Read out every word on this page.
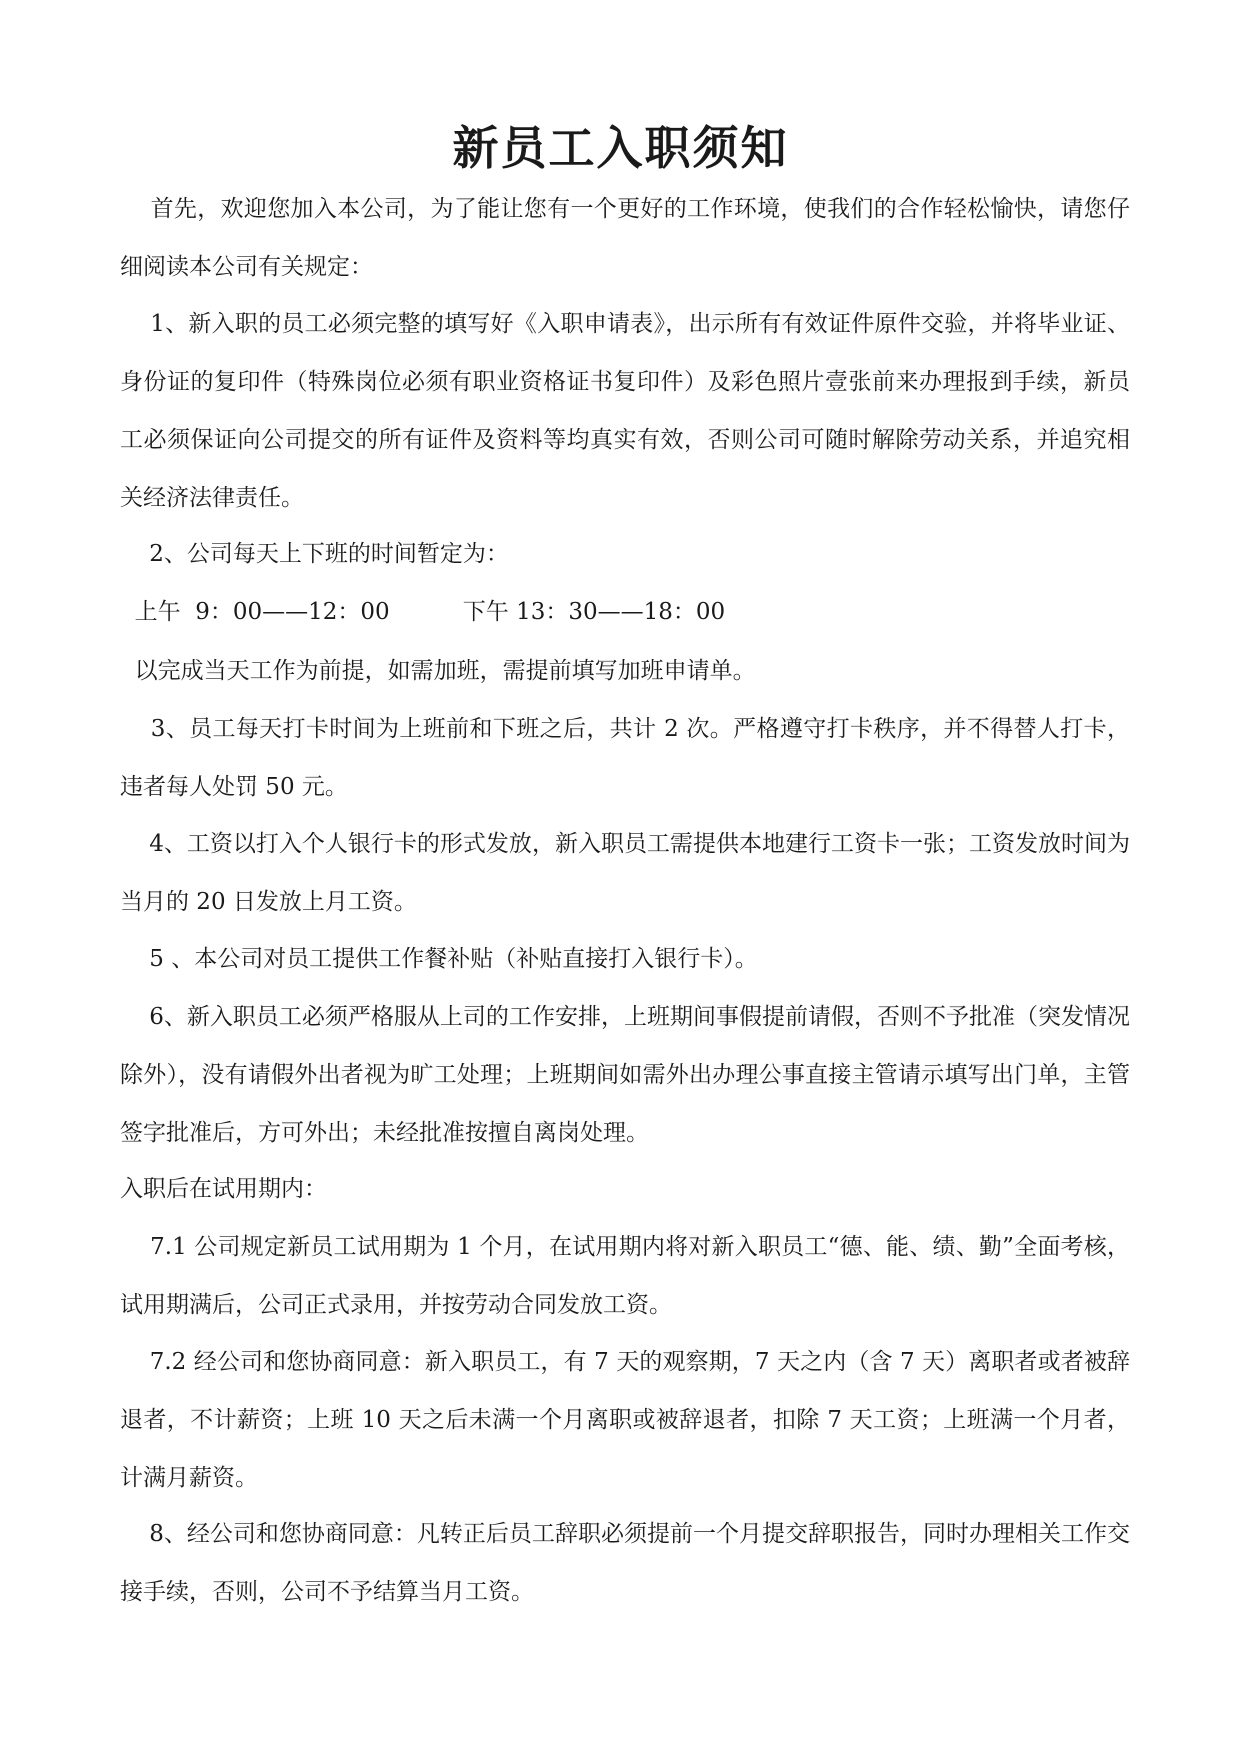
新员工入职须知
首先，欢迎您加入本公司，为了能让您有一个更好的工作环境，使我们的合作轻松愉快，请您仔细阅读本公司有关规定：
1、新入职的员工必须完整的填写好《入职申请表》，出示所有有效证件原件交验，并将毕业证、身份证的复印件（特殊岗位必须有职业资格证书复印件）及彩色照片壹张前来办理报到手续，新员工必须保证向公司提交的所有证件及资料等均真实有效，否则公司可随时解除劳动关系，并追究相关经济法律责任。
2、公司每天上下班的时间暂定为：
上午  9：00——12：00          下午 13：30——18：00
以完成当天工作为前提，如需加班，需提前填写加班申请单。
3、员工每天打卡时间为上班前和下班之后，共计 2 次。严格遵守打卡秩序，并不得替人打卡，违者每人处罚 50 元。
4、工资以打入个人银行卡的形式发放，新入职员工需提供本地建行工资卡一张；工资发放时间为当月的 20 日发放上月工资。
5 、本公司对员工提供工作餐补贴（补贴直接打入银行卡）。
6、新入职员工必须严格服从上司的工作安排，上班期间事假提前请假，否则不予批准（突发情况除外），没有请假外出者视为旷工处理；上班期间如需外出办理公事直接主管请示填写出门单，主管签字批准后，方可外出；未经批准按擅自离岗处理。
入职后在试用期内：
7.1 公司规定新员工试用期为 1 个月，在试用期内将对新入职员工“德、能、绩、勤”全面考核，试用期满后，公司正式录用，并按劳动合同发放工资。
7.2 经公司和您协商同意：新入职员工，有 7 天的观察期，7 天之内（含 7 天）离职者或者被辞退者，不计薪资；上班 10 天之后未满一个月离职或被辞退者，扣除 7 天工资；上班满一个月者，计满月薪资。
8、经公司和您协商同意：凡转正后员工辞职必须提前一个月提交辞职报告，同时办理相关工作交接手续，否则，公司不予结算当月工资。
